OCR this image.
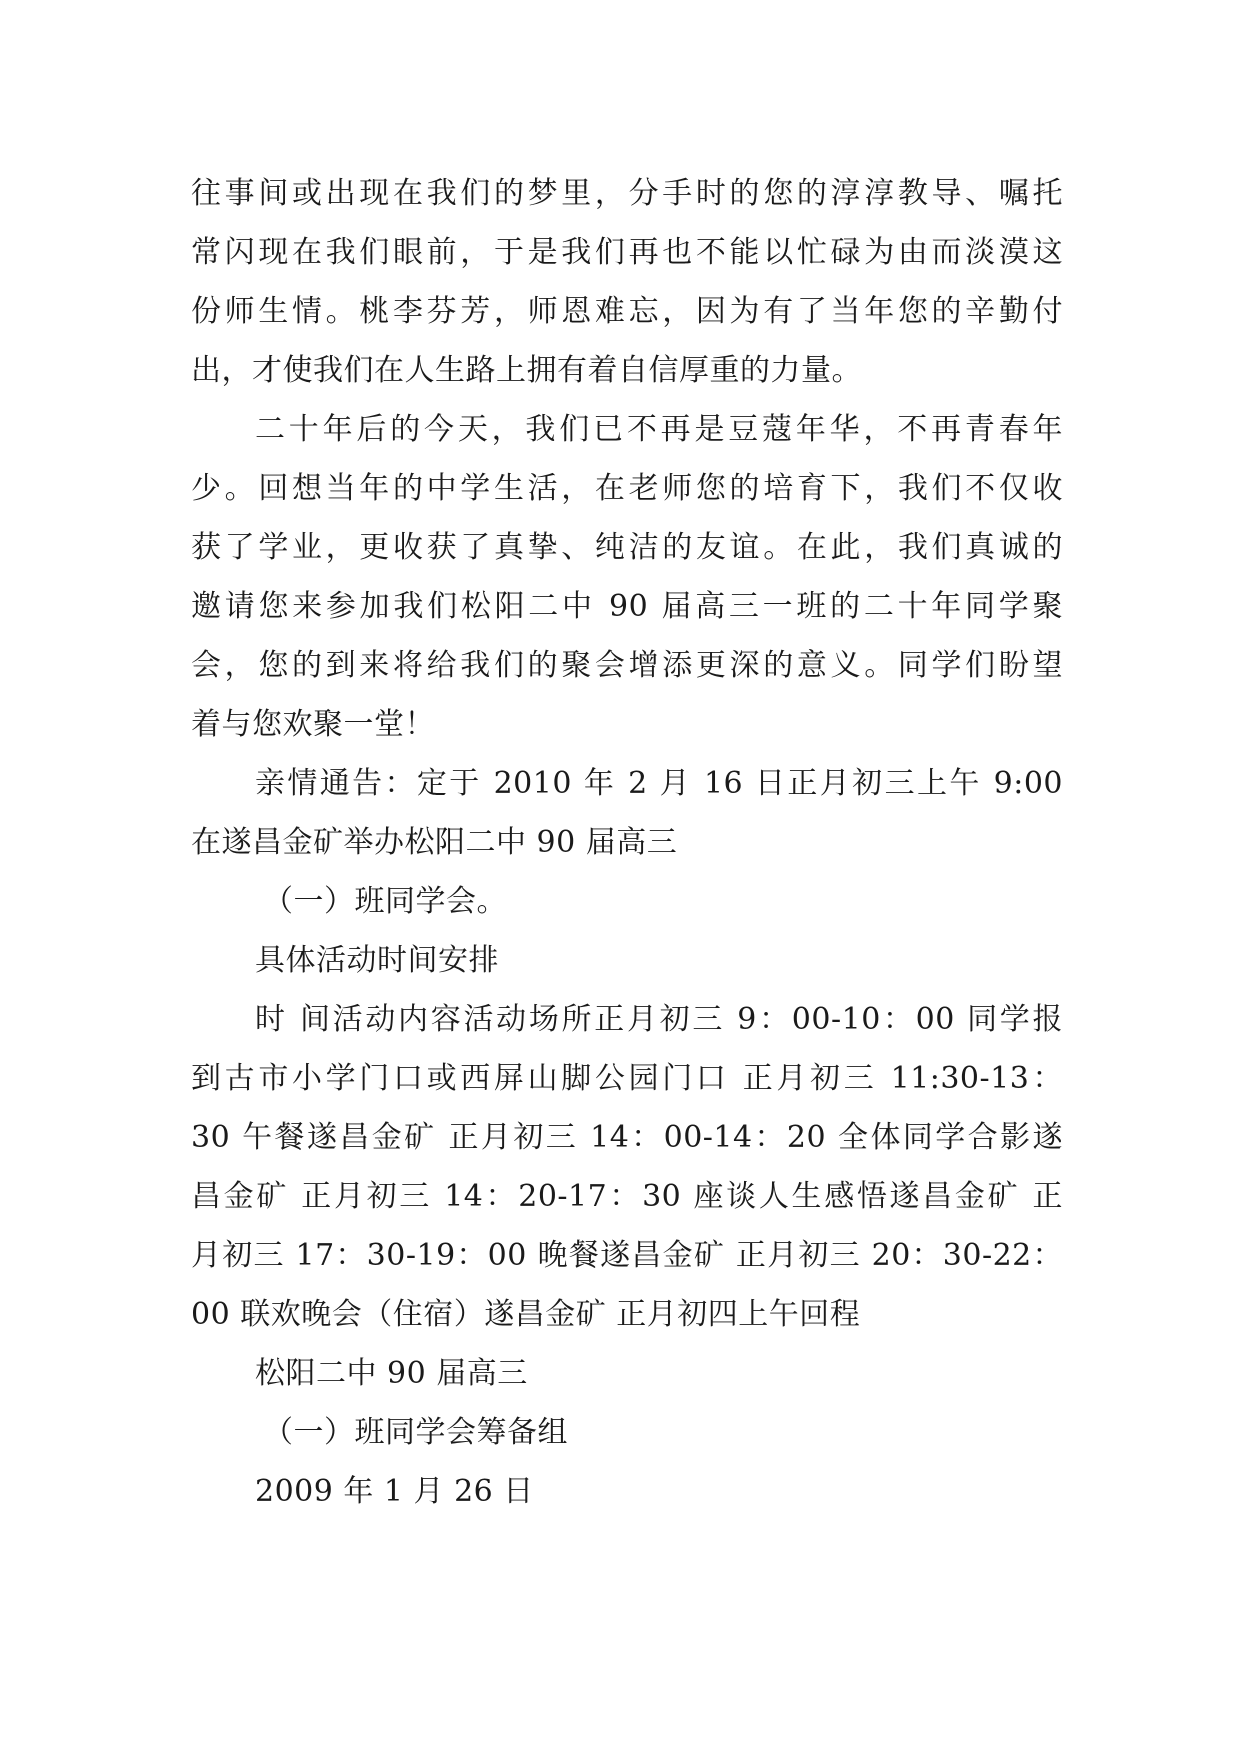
往事间或出现在我们的梦里，分手时的您的淳淳教导、嘱托
常闪现在我们眼前，于是我们再也不能以忙碌为由而淡漠这
份师生情。桃李芬芳，师恩难忘，因为有了当年您的辛勤付
出，才使我们在人生路上拥有着自信厚重的力量。
二十年后的今天，我们已不再是豆蔻年华，不再青春年
少。回想当年的中学生活，在老师您的培育下，我们不仅收
获了学业，更收获了真挚、纯洁的友谊。在此，我们真诚的
邀请您来参加我们松阳二中 90 届高三一班的二十年同学聚
会，您的到来将给我们的聚会增添更深的意义。同学们盼望
着与您欢聚一堂！
亲情通告：定于 2010 年 2 月 16 日正月初三上午 9:00
在遂昌金矿举办松阳二中 90 届高三
（一）班同学会。
具体活动时间安排
时 间活动内容活动场所正月初三 9：00-10：00 同学报
到古市小学门口或西屏山脚公园门口 正月初三 11:30-13：
30 午餐遂昌金矿 正月初三 14：00-14：20 全体同学合影遂
昌金矿 正月初三 14：20-17：30 座谈人生感悟遂昌金矿 正
月初三 17：30-19：00 晚餐遂昌金矿 正月初三 20：30-22：
00 联欢晚会（住宿）遂昌金矿 正月初四上午回程
松阳二中 90 届高三
（一）班同学会筹备组
2009 年 1 月 26 日
